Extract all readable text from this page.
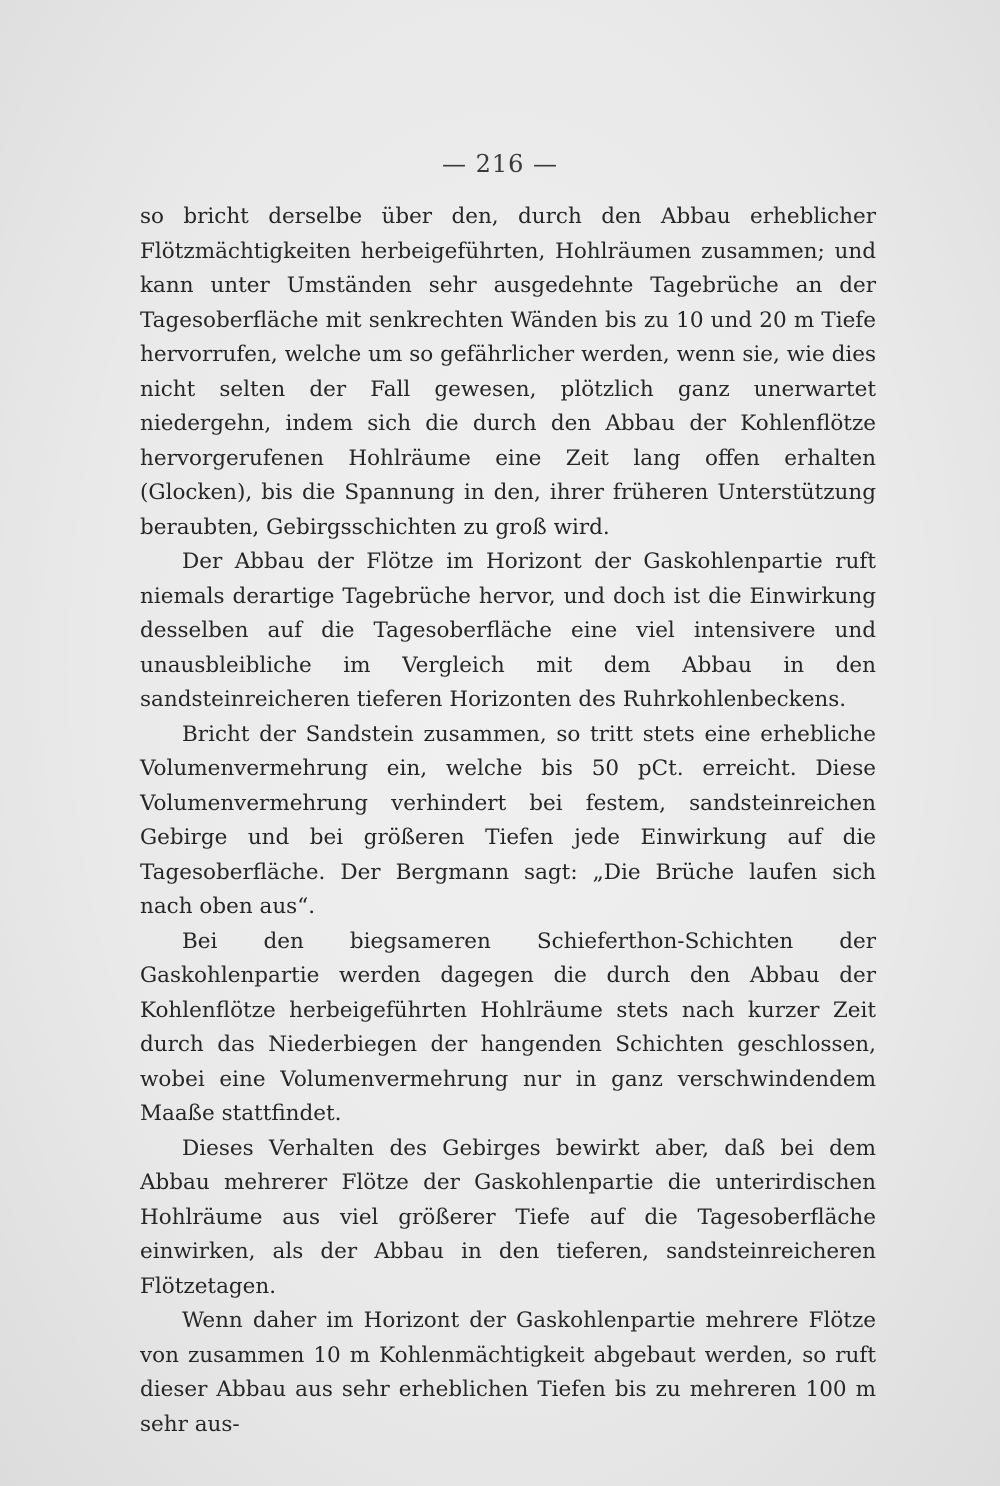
— 216 —

so bricht derselbe über den, durch den Abbau erheblicher Flötzmächtigkeiten herbeigeführten, Hohlräumen zusammen; und kann unter Umständen sehr ausgedehnte Tagebrüche an der Tagesoberfläche mit senkrechten Wänden bis zu 10 und 20 m Tiefe hervorrufen, welche um so gefährlicher werden, wenn sie, wie dies nicht selten der Fall gewesen, plötzlich ganz unerwartet niedergehn, indem sich die durch den Abbau der Kohlenflötze hervorgerufenen Hohlräume eine Zeit lang offen erhalten (Glocken), bis die Spannung in den, ihrer früheren Unterstützung beraubten, Gebirgsschichten zu groß wird.

Der Abbau der Flötze im Horizont der Gaskohlenpartie ruft niemals derartige Tagebrüche hervor, und doch ist die Einwirkung desselben auf die Tagesoberfläche eine viel intensivere und unausbleibliche im Vergleich mit dem Abbau in den sandsteinreicheren tieferen Horizonten des Ruhrkohlenbeckens.

Bricht der Sandstein zusammen, so tritt stets eine erhebliche Volumenvermehrung ein, welche bis 50 pCt. erreicht. Diese Volumenvermehrung verhindert bei festem, sandsteinreichen Gebirge und bei größeren Tiefen jede Einwirkung auf die Tagesoberfläche. Der Bergmann sagt: „Die Brüche laufen sich nach oben aus“.

Bei den biegsameren Schieferthon-Schichten der Gaskohlenpartie werden dagegen die durch den Abbau der Kohlenflötze herbeigeführten Hohlräume stets nach kurzer Zeit durch das Niederbiegen der hangenden Schichten geschlossen, wobei eine Volumenvermehrung nur in ganz verschwindendem Maaße stattfindet.

Dieses Verhalten des Gebirges bewirkt aber, daß bei dem Abbau mehrerer Flötze der Gaskohlenpartie die unterirdischen Hohlräume aus viel größerer Tiefe auf die Tagesoberfläche einwirken, als der Abbau in den tieferen, sandsteinreicheren Flötzetagen.

Wenn daher im Horizont der Gaskohlenpartie mehrere Flötze von zusammen 10 m Kohlenmächtigkeit abgebaut werden, so ruft dieser Abbau aus sehr erheblichen Tiefen bis zu mehreren 100 m sehr aus-
